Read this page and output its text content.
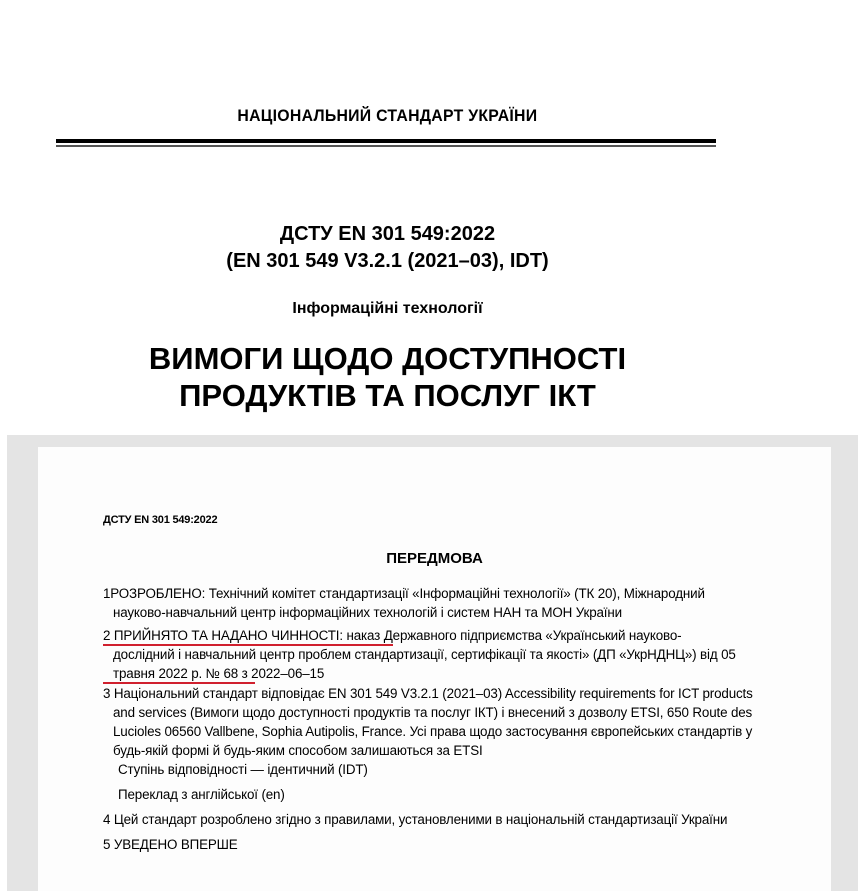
НАЦІОНАЛЬНИЙ СТАНДАРТ УКРАЇНИ
ДСТУ EN 301 549:2022
(EN 301 549 V3.2.1 (2021–03), IDT)
Інформаційні технології
ВИМОГИ ЩОДО ДОСТУПНОСТІ
ПРОДУКТІВ ТА ПОСЛУГ ІКТ
ДСТУ EN 301 549:2022
ПЕРЕДМОВА
1РОЗРОБЛЕНО: Технічний комітет стандартизації «Інформаційні технології» (ТК 20), Міжнародний
науково-навчальний центр інформаційних технологій і систем НАН та МОН України
2 ПРИЙНЯТО ТА НАДАНО ЧИННОСТІ: наказ Державного підприємства «Український науково-
дослідний і навчальний центр проблем стандартизації, сертифікації та якості» (ДП «УкрНДНЦ») від 05 травня 2022 р. № 68 з 2022–06–15
3 Національний стандарт відповідає EN 301 549 V3.2.1 (2021–03) Accessibility requirements for ICT products
and services (Вимоги щодо доступності продуктів та послуг ІКТ) і внесений з дозволу ETSI, 650 Route des Lucioles 06560 Vallbene, Sophia Autipolis, France. Усі права щодо застосування європейських стандартів у будь-якій формі й будь-яким способом залишаються за ETSI
Ступінь відповідності — ідентичний (IDT)
Переклад з англійської (en)
4 Цей стандарт розроблено згідно з правилами, установленими в національній стандартизації України
5 УВЕДЕНО ВПЕРШЕ
